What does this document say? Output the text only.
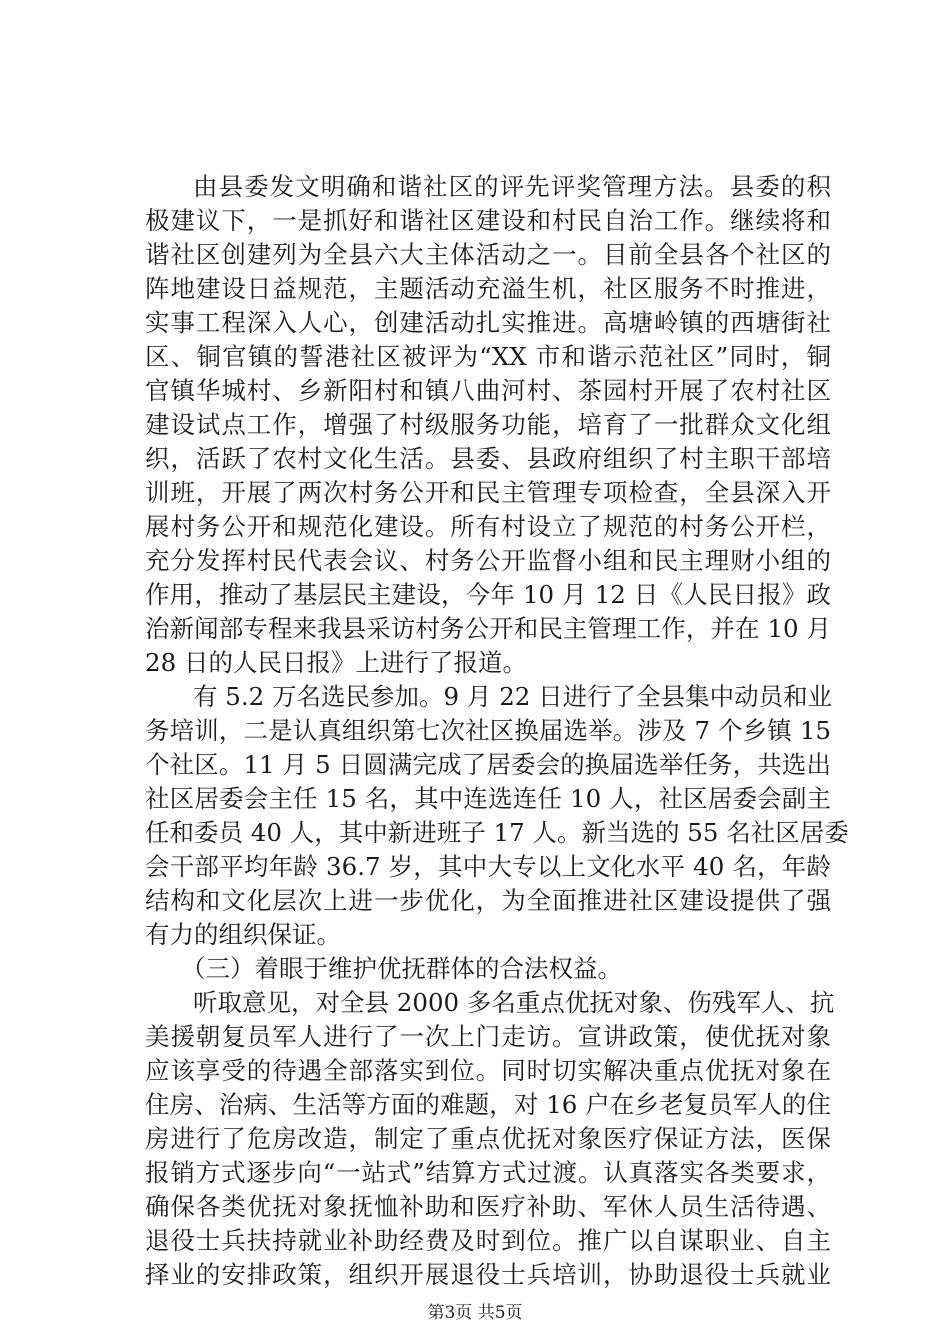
由县委发文明确和谐社区的评先评奖管理方法。县委的积
极建议下，一是抓好和谐社区建设和村民自治工作。继续将和
谐社区创建列为全县六大主体活动之一。目前全县各个社区的
阵地建设日益规范，主题活动充溢生机，社区服务不时推进，
实事工程深入人心，创建活动扎实推进。高塘岭镇的西塘街社
区、铜官镇的誓港社区被评为“XX 市和谐示范社区”同时，铜
官镇华城村、乡新阳村和镇八曲河村、茶园村开展了农村社区
建设试点工作，增强了村级服务功能，培育了一批群众文化组
织，活跃了农村文化生活。县委、县政府组织了村主职干部培
训班，开展了两次村务公开和民主管理专项检查，全县深入开
展村务公开和规范化建设。所有村设立了规范的村务公开栏，
充分发挥村民代表会议、村务公开监督小组和民主理财小组的
作用，推动了基层民主建设，今年 10 月 12 日《人民日报》政
治新闻部专程来我县采访村务公开和民主管理工作，并在 10 月
28 日的人民日报》上进行了报道。
有 5.2 万名选民参加。9 月 22 日进行了全县集中动员和业
务培训，二是认真组织第七次社区换届选举。涉及 7 个乡镇 15
个社区。11 月 5 日圆满完成了居委会的换届选举任务，共选出
社区居委会主任 15 名，其中连选连任 10 人，社区居委会副主
任和委员 40 人，其中新进班子 17 人。新当选的 55 名社区居委
会干部平均年龄 36.7 岁，其中大专以上文化水平 40 名，年龄
结构和文化层次上进一步优化，为全面推进社区建设提供了强
有力的组织保证。
（三）着眼于维护优抚群体的合法权益。
听取意见，对全县 2000 多名重点优抚对象、伤残军人、抗
美援朝复员军人进行了一次上门走访。宣讲政策，使优抚对象
应该享受的待遇全部落实到位。同时切实解决重点优抚对象在
住房、治病、生活等方面的难题，对 16 户在乡老复员军人的住
房进行了危房改造，制定了重点优抚对象医疗保证方法，医保
报销方式逐步向“一站式”结算方式过渡。认真落实各类要求，
确保各类优抚对象抚恤补助和医疗补助、军休人员生活待遇、
退役士兵扶持就业补助经费及时到位。推广以自谋职业、自主
择业的安排政策，组织开展退役士兵培训，协助退役士兵就业
第3页 共5页
